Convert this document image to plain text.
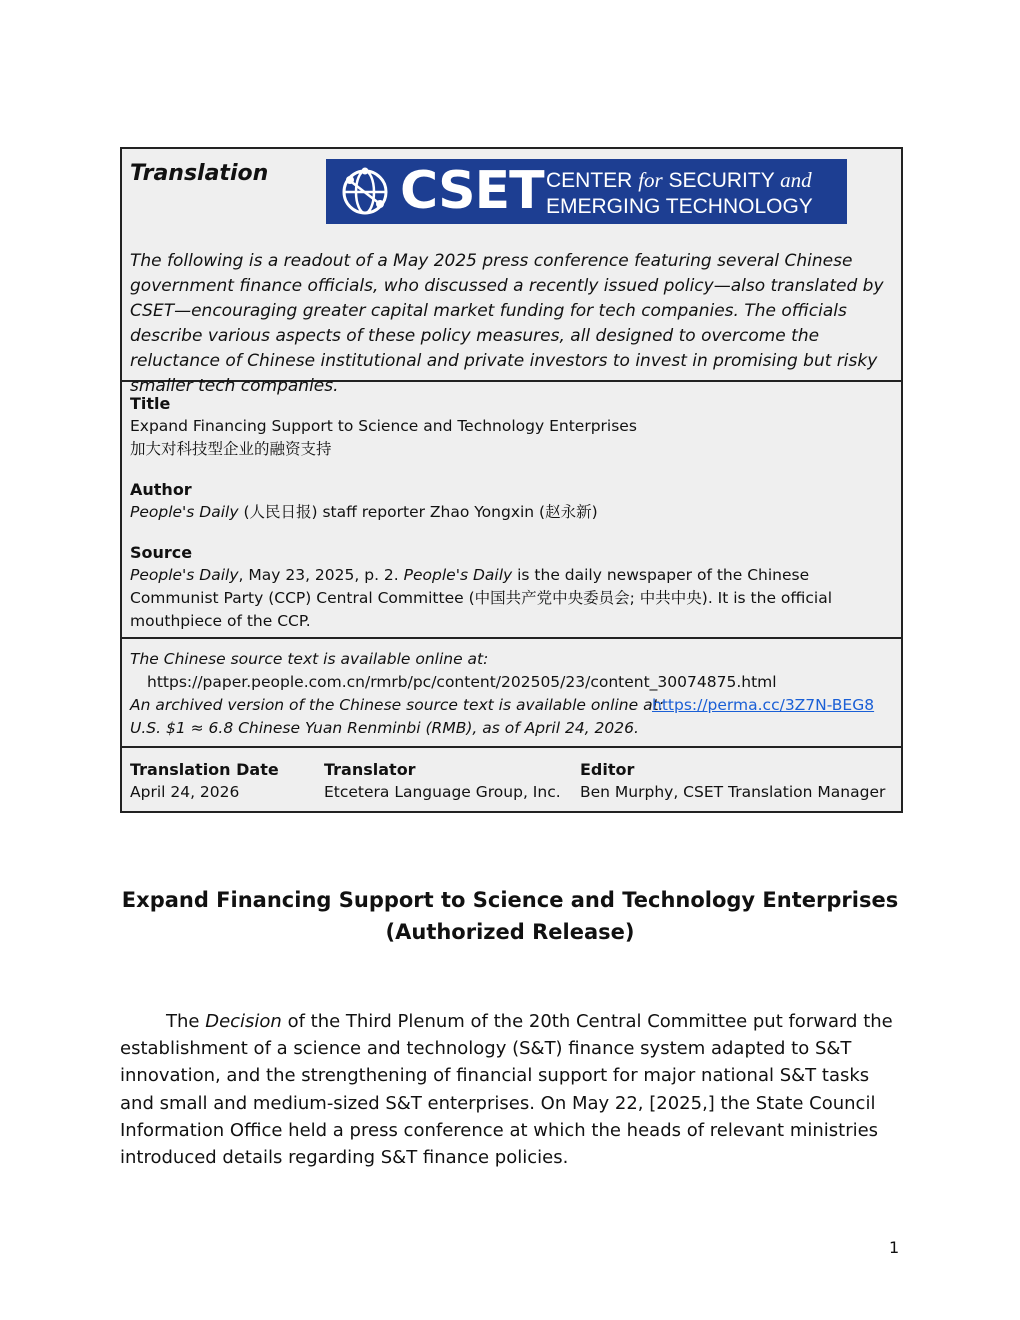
Translation	CSET CENTER for SECURITY and
EMERGING TECHNOLOGY
The following is a readout of a May 2025 press conference featuring several Chinese government finance officials, who discussed a recently issued policy—also translated by CSET—encouraging greater capital market funding for tech companies. The officials describe various aspects of these policy measures, all designed to overcome the reluctance of Chinese institutional and private investors to invest in promising but risky smaller tech companies.
Title
Expand Financing Support to Science and Technology Enterprises
加大对科技型企业的融资支持
Author
People's Daily (人民日报) staff reporter Zhao Yongxin (赵永新)
Source
People's Daily, May 23, 2025, p. 2. People's Daily is the daily newspaper of the Chinese Communist Party (CCP) Central Committee (中国共产党中央委员会; 中共中央). It is the official mouthpiece of the CCP.
The Chinese source text is available online at:
https://paper.people.com.cn/rmrb/pc/content/202505/23/content_30074875.html
An archived version of the Chinese source text is available online at:
https://perma.cc/3Z7N-BEG8
U.S. $1 ≈ 6.8 Chinese Yuan Renminbi (RMB), as of April 24, 2026.
Translation Date
April 24, 2026
Translator
Etcetera Language Group, Inc.
Editor
Ben Murphy, CSET Translation Manager
Expand Financing Support to Science and Technology Enterprises
(Authorized Release)
The Decision of the Third Plenum of the 20th Central Committee put forward the establishment of a science and technology (S&T) finance system adapted to S&T innovation, and the strengthening of financial support for major national S&T tasks and small and medium-sized S&T enterprises. On May 22, [2025,] the State Council Information Office held a press conference at which the heads of relevant ministries introduced details regarding S&T finance policies.
1
